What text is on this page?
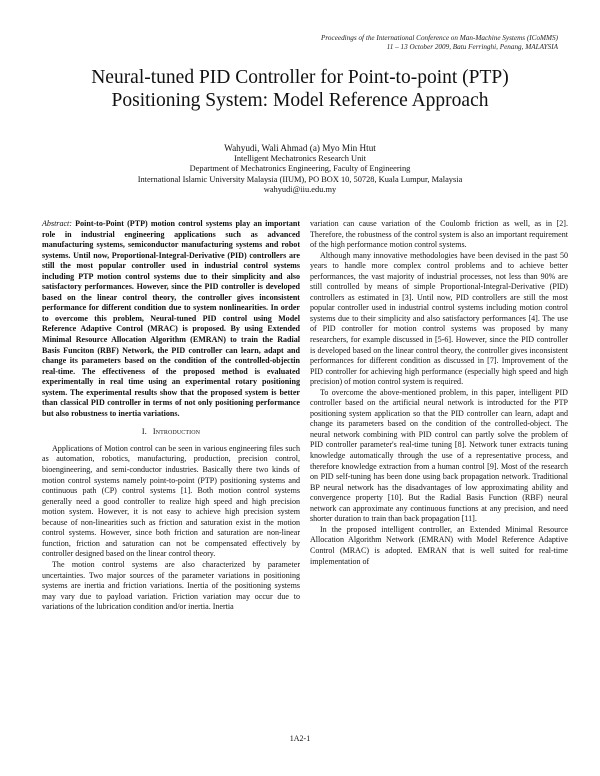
Proceedings of the International Conference on Man-Machine Systems (ICoMMS)
11 – 13 October 2009, Batu Ferringhi, Penang, MALAYSIA
Neural-tuned PID Controller for Point-to-point (PTP)
Positioning System: Model Reference Approach
Wahyudi, Wali Ahmad (a) Myo Min Htut
Intelligent Mechatronics Research Unit
Department of Mechatronics Engineering, Faculty of Engineering
International Islamic University Malaysia (IIUM), PO BOX 10, 50728, Kuala Lumpur, Malaysia
wahyudi@iiu.edu.my

Abstract: Point-to-Point (PTP) motion control systems play an important role in industrial engineering applications such as advanced manufacturing systems, semiconductor manufacturing systems and robot systems. Until now, Proportional-Integral-Derivative (PID) controllers are still the most popular controller used in industrial control systems including PTP motion control systems due to their simplicity and also satisfactory performances. However, since the PID controller is developed based on the linear control theory, the controller gives inconsistent performance for different condition due to system nonlinearities. In order to overcome this problem, Neural-tuned PID control using Model Reference Adaptive Control (MRAC) is proposed. By using Extended Minimal Resource Allocation Algorithm (EMRAN) to train the Radial Basis Funciton (RBF) Network, the PID controller can learn, adapt and change its parameters based on the condition of the controlled-objectin real-time. The effectiveness of the proposed method is evaluated experimentally in real time using an experimental rotary positioning system. The experimental results show that the proposed system is better than classical PID controller in terms of not only positioning performance but also robustness to inertia variations.

I. Introduction

Applications of Motion control can be seen in various engineering files such as automation, robotics, manufacturing, production, precision control, bioengineering, and semi-conductor industries. Basically there two kinds of motion control systems namely point-to-point (PTP) positioning systems and continuous path (CP) control systems [1]. Both motion control systems generally need a good controller to realize high speed and high precision motion system. However, it is not easy to achieve high precision system because of non-linearities such as friction and saturation exist in the motion control systems. However, since both friction and saturation are non-linear function, friction and saturation can not be compensated effectively by controller designed based on the linear control theory.

The motion control systems are also characterized by parameter uncertainties. Two major sources of the parameter variations in positioning systems are inertia and friction variations. Inertia of the positioning systems may vary due to payload variation. Friction variation may occur due to variations of the lubrication condition and/or inertia. Inertia

variation can cause variation of the Coulomb friction as well, as in [2]. Therefore, the robustness of the control system is also an important requirement of the high performance motion control systems.

Although many innovative methodologies have been devised in the past 50 years to handle more complex control problems and to achieve better performances, the vast majority of industrial processes, not less than 90% are still controlled by means of simple Proportional-Integral-Derivative (PID) controllers as estimated in [3]. Until now, PID controllers are still the most popular controller used in industrial control systems including motion control systems due to their simplicity and also satisfactory performances [4]. The use of PID controller for motion control systems was proposed by many researchers, for example discussed in [5-6]. However, since the PID controller is developed based on the linear control theory, the controller gives inconsistent performances for different condition as discussed in [7]. Improvement of the PID controller for achieving high performance (especially high speed and high precision) of motion control system is required.

To overcome the above-mentioned problem, in this paper, intelligent PID controller based on the artificial neural network is introducted for the PTP positioning system application so that the PID controller can learn, adapt and change its parameters based on the condition of the controlled-object. The neural network combining with PID control can partly solve the problem of PID controller parameter's real-time tuning [8]. Network tuner extracts tuning knowledge automatically through the use of a representative process, and therefore knowledge extraction from a human control [9]. Most of the research on PID self-tuning has been done using back propagation network. Traditional BP neural network has the disadvantages of low approximating ability and convergence property [10]. But the Radial Basis Function (RBF) neural network can approximate any continuous functions at any precision, and need shorter duration to train than back propagation [11].

In the proposed intelligent controller, an Extended Minimal Resource Allocation Algorithm Network (EMRAN) with Model Reference Adaptive Control (MRAC) is adopted. EMRAN that is well suited for real-time implementation of

1A2-1
